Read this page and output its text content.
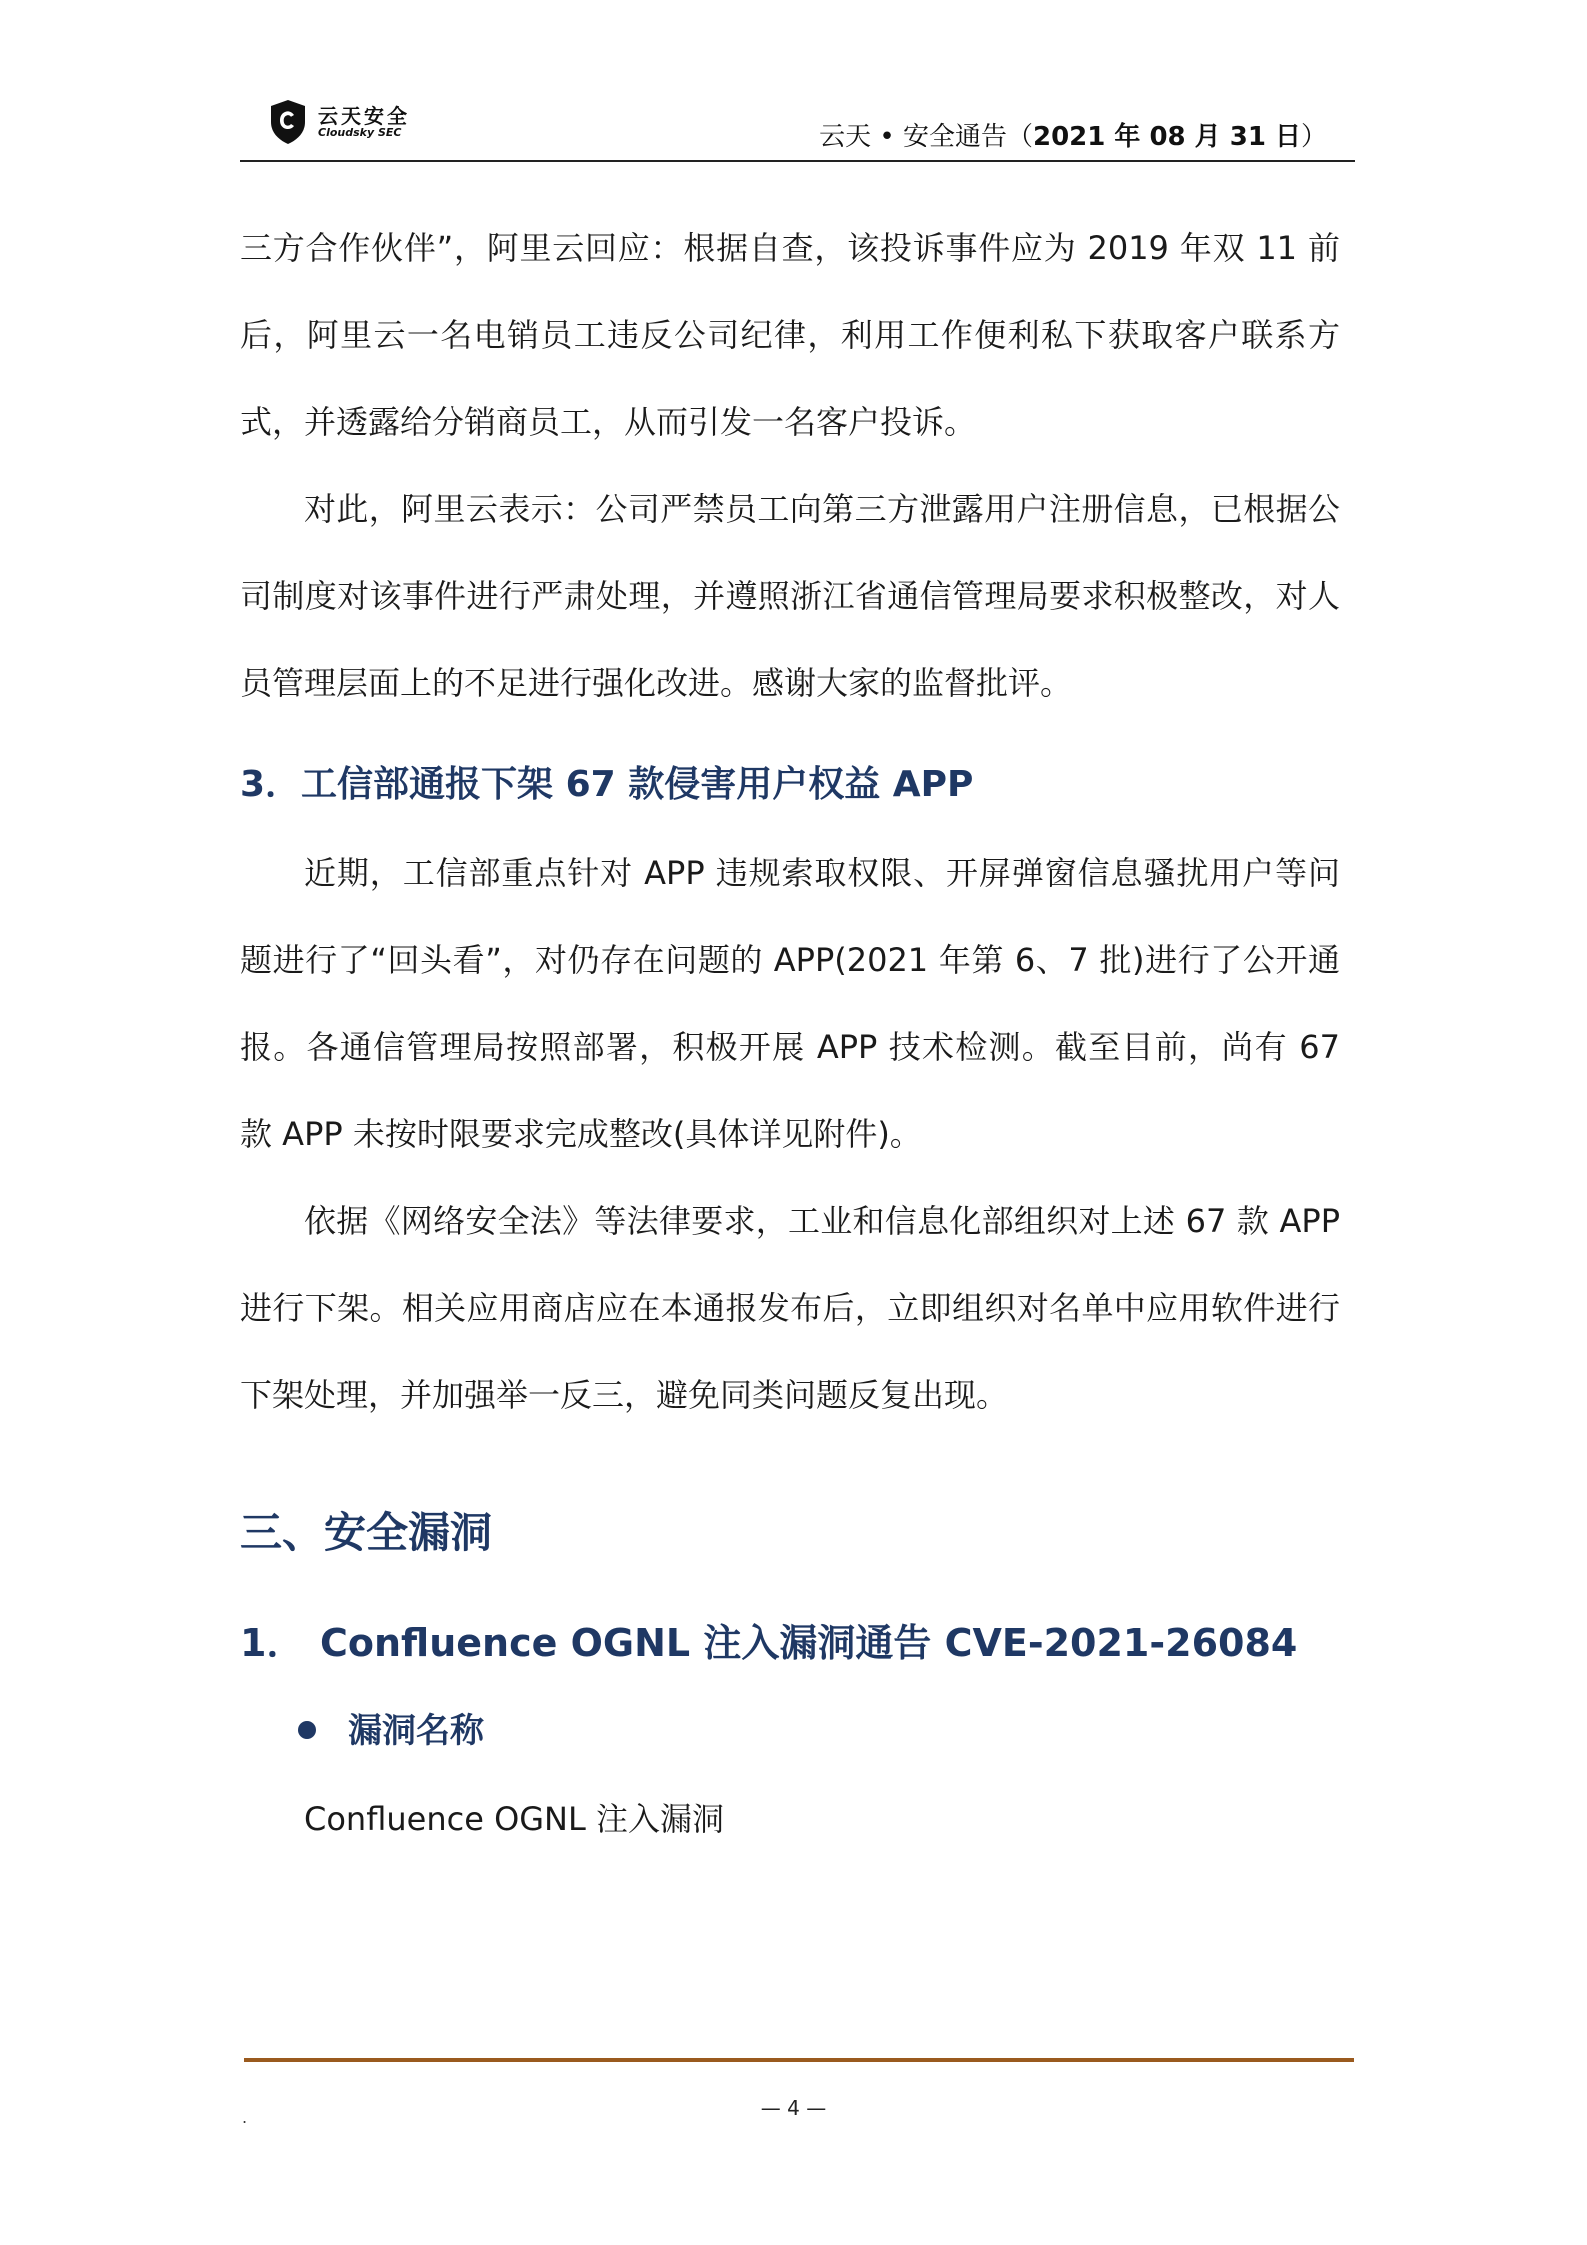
云天安全
Cloudsky SEC	云天 • 安全通告（2021 年 08 月 31 日）

三方合作伙伴”，阿里云回应：根据自查，该投诉事件应为 2019 年双 11 前后，阿里云一名电销员工违反公司纪律，利用工作便利私下获取客户联系方式，并透露给分销商员工，从而引发一名客户投诉。

对此，阿里云表示：公司严禁员工向第三方泄露用户注册信息，已根据公司制度对该事件进行严肃处理，并遵照浙江省通信管理局要求积极整改，对人员管理层面上的不足进行强化改进。感谢大家的监督批评。

3．工信部通报下架 67 款侵害用户权益 APP

近期，工信部重点针对 APP 违规索取权限、开屏弹窗信息骚扰用户等问题进行了“回头看”，对仍存在问题的 APP(2021 年第 6、7 批)进行了公开通报。各通信管理局按照部署，积极开展 APP 技术检测。截至目前，尚有 67 款 APP 未按时限要求完成整改(具体详见附件)。

依据《网络安全法》等法律要求，工业和信息化部组织对上述 67 款 APP 进行下架。相关应用商店应在本通报发布后，立即组织对名单中应用软件进行下架处理，并加强举一反三，避免同类问题反复出现。

三、安全漏洞
1． Confluence OGNL 注入漏洞通告 CVE-2021-26084
漏洞名称
Confluence OGNL 注入漏洞
.	— 4 —
